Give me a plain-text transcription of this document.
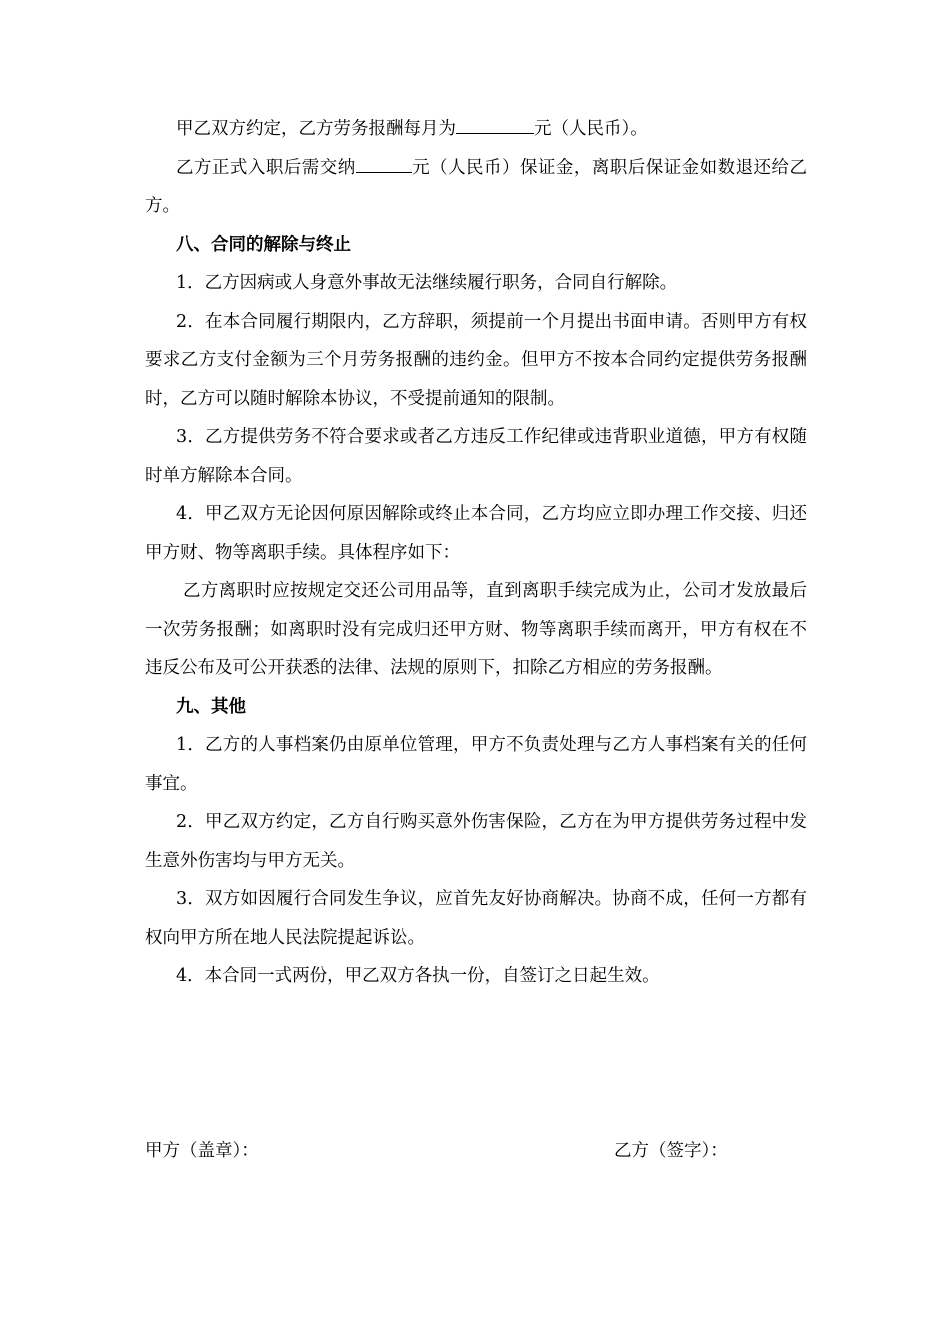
甲乙双方约定，乙方劳务报酬每月为	元（人民币）。

乙方正式入职后需交纳	元（人民币）保证金，离职后保证金如数退还给乙方。

八、合同的解除与终止

1．乙方因病或人身意外事故无法继续履行职务，合同自行解除。

2．在本合同履行期限内，乙方辞职，须提前一个月提出书面申请。否则甲方有权要求乙方支付金额为三个月劳务报酬的违约金。但甲方不按本合同约定提供劳务报酬时，乙方可以随时解除本协议，不受提前通知的限制。

3．乙方提供劳务不符合要求或者乙方违反工作纪律或违背职业道德，甲方有权随时单方解除本合同。

4．甲乙双方无论因何原因解除或终止本合同，乙方均应立即办理工作交接、归还甲方财、物等离职手续。具体程序如下：

乙方离职时应按规定交还公司用品等，直到离职手续完成为止，公司才发放最后一次劳务报酬；如离职时没有完成归还甲方财、物等离职手续而离开，甲方有权在不违反公布及可公开获悉的法律、法规的原则下，扣除乙方相应的劳务报酬。

九、其他

1．乙方的人事档案仍由原单位管理，甲方不负责处理与乙方人事档案有关的任何事宜。

2．甲乙双方约定，乙方自行购买意外伤害保险，乙方在为甲方提供劳务过程中发生意外伤害均与甲方无关。

3．双方如因履行合同发生争议，应首先友好协商解决。协商不成，任何一方都有权向甲方所在地人民法院提起诉讼。

4．本合同一式两份，甲乙双方各执一份，自签订之日起生效。

甲方（盖章）：	乙方（签字）：
